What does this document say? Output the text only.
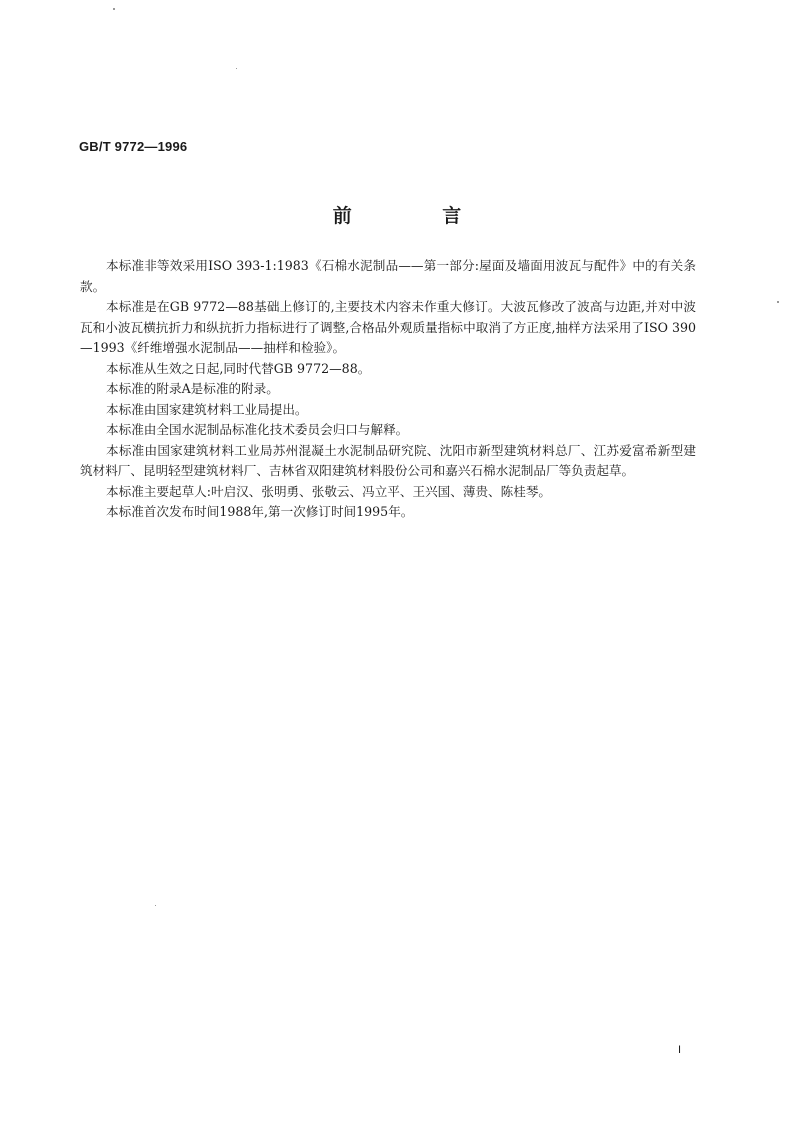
GB/T 9772—1996
前 言

本标准非等效采用ISO 393-1:1983《石棉水泥制品——第一部分:屋面及墙面用波瓦与配件》中的有关条款。

本标准是在GB 9772—88基础上修订的,主要技术内容未作重大修订。大波瓦修改了波高与边距,并对中波瓦和小波瓦横抗折力和纵抗折力指标进行了调整,合格品外观质量指标中取消了方正度,抽样方法采用了ISO 390—1993《纤维增强水泥制品——抽样和检验》。

本标准从生效之日起,同时代替GB 9772—88。

本标准的附录A是标准的附录。

本标准由国家建筑材料工业局提出。

本标准由全国水泥制品标准化技术委员会归口与解释。

本标准由国家建筑材料工业局苏州混凝土水泥制品研究院、沈阳市新型建筑材料总厂、江苏爱富希新型建筑材料厂、昆明轻型建筑材料厂、吉林省双阳建筑材料股份公司和嘉兴石棉水泥制品厂等负责起草。

本标准主要起草人:叶启汉、张明勇、张敬云、冯立平、王兴国、薄贵、陈桂琴。

本标准首次发布时间1988年,第一次修订时间1995年。

I
